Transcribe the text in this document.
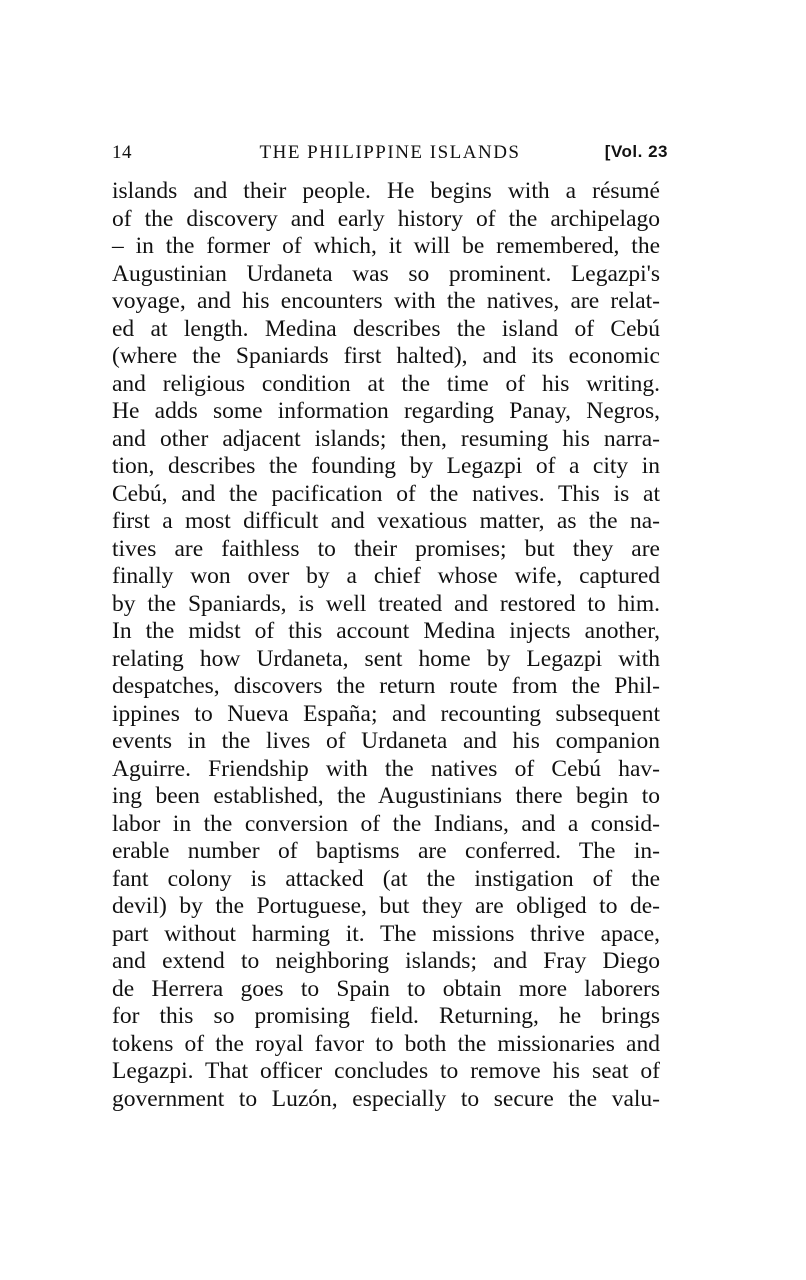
14	THE PHILIPPINE ISLANDS	[Vol. 23
islands and their people. He begins with a résumé
of the discovery and early history of the archipelago
– in the former of which, it will be remembered, the
Augustinian Urdaneta was so prominent. Legazpi's
voyage, and his encounters with the natives, are relat-
ed at length. Medina describes the island of Cebú
(where the Spaniards first halted), and its economic
and religious condition at the time of his writing.
He adds some information regarding Panay, Negros,
and other adjacent islands; then, resuming his narra-
tion, describes the founding by Legazpi of a city in
Cebú, and the pacification of the natives. This is at
first a most difficult and vexatious matter, as the na-
tives are faithless to their promises; but they are
finally won over by a chief whose wife, captured
by the Spaniards, is well treated and restored to him.
In the midst of this account Medina injects another,
relating how Urdaneta, sent home by Legazpi with
despatches, discovers the return route from the Phil-
ippines to Nueva España; and recounting subsequent
events in the lives of Urdaneta and his companion
Aguirre. Friendship with the natives of Cebú hav-
ing been established, the Augustinians there begin to
labor in the conversion of the Indians, and a consid-
erable number of baptisms are conferred. The in-
fant colony is attacked (at the instigation of the
devil) by the Portuguese, but they are obliged to de-
part without harming it. The missions thrive apace,
and extend to neighboring islands; and Fray Diego
de Herrera goes to Spain to obtain more laborers
for this so promising field. Returning, he brings
tokens of the royal favor to both the missionaries and
Legazpi. That officer concludes to remove his seat of
government to Luzón, especially to secure the valu-
